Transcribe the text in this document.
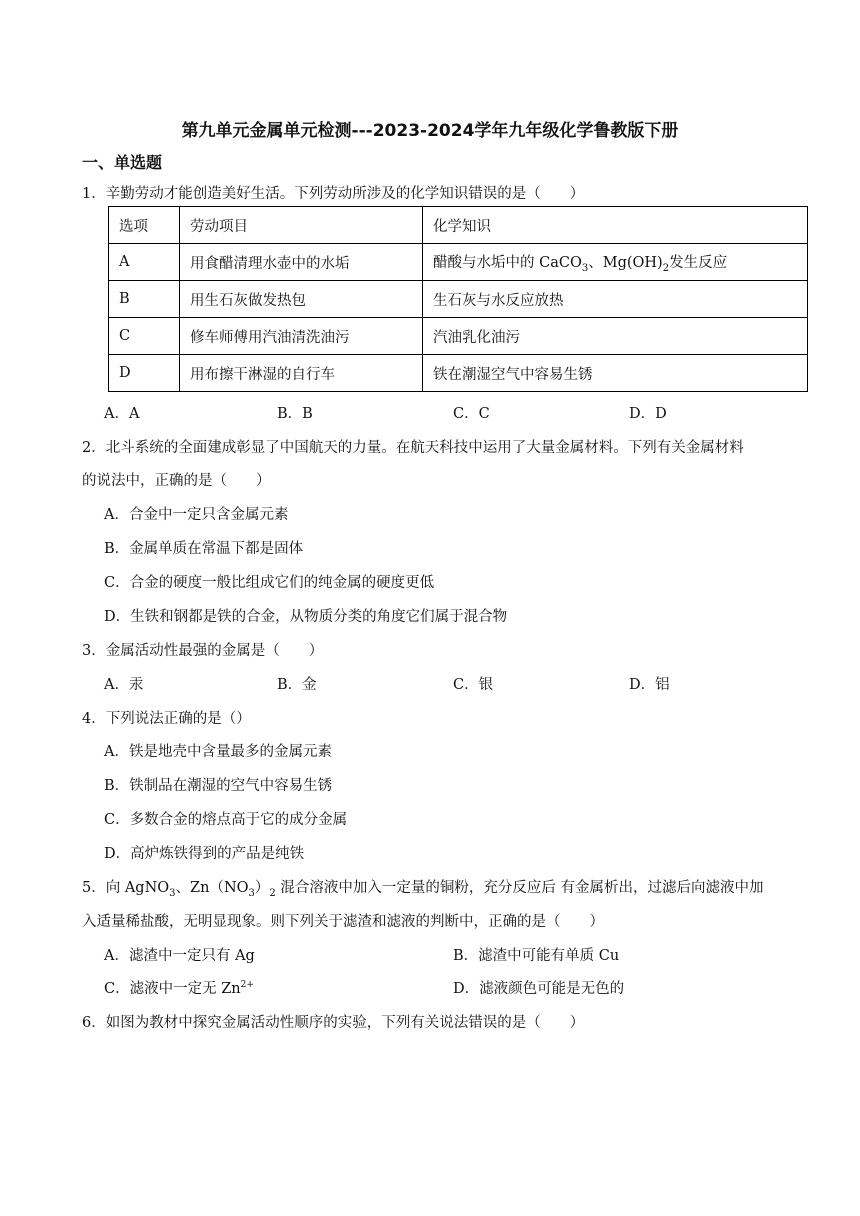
第九单元金属单元检测---2023-2024学年九年级化学鲁教版下册
一、单选题
1．辛勤劳动才能创造美好生活。下列劳动所涉及的化学知识错误的是（　　）
选项	劳动项目	化学知识
A	用食醋清理水壶中的水垢	醋酸与水垢中的 CaCO$_3$、$Mg(OH)_2$发生反应
B	用生石灰做发热包	生石灰与水反应放热
C	修车师傅用汽油清洗油污	汽油乳化油污
D	用布擦干淋湿的自行车	铁在潮湿空气中容易生锈
A．A	B．B	C．C	D．D
2．北斗系统的全面建成彰显了中国航天的力量。在航天科技中运用了大量金属材料。下列有关金属材料
的说法中，正确的是（　　）
A．合金中一定只含金属元素
B．金属单质在常温下都是固体
C．合金的硬度一般比组成它们的纯金属的硬度更低
D．生铁和钢都是铁的合金，从物质分类的角度它们属于混合物
3．金属活动性最强的金属是（　　）
A．汞	B．金	C．银	D．铝
4．下列说法正确的是（）
A．铁是地壳中含量最多的金属元素
B．铁制品在潮湿的空气中容易生锈
C．多数合金的熔点高于它的成分金属
D．高炉炼铁得到的产品是纯铁
5．向 AgNO$_3$、$Zn(NO_3)_2$ 混合溶液中加入一定量的铜粉，充分反应后 有金属析出，过滤后向滤液中加
入适量稀盐酸，无明显现象。则下列关于滤渣和滤液的判断中，正确的是（　　）
A．滤渣中一定只有 Ag	B．滤渣中可能有单质 Cu
C．滤液中一定无 $Zn^{2+}$	D．滤液颜色可能是无色的
6．如图为教材中探究金属活动性顺序的实验，下列有关说法错误的是（　　）
